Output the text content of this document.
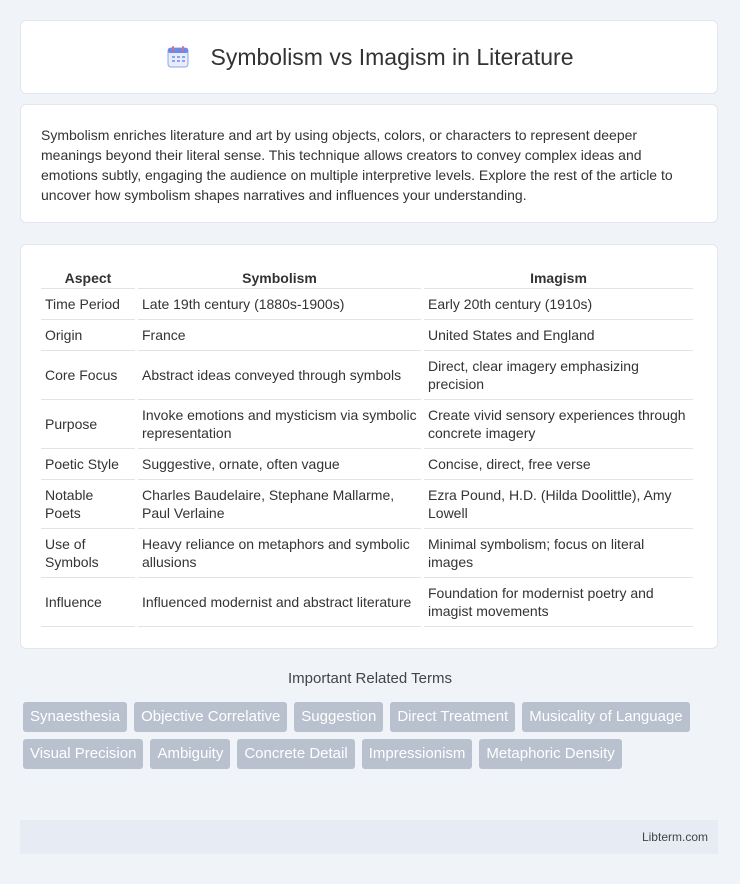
Symbolism vs Imagism in Literature

Symbolism enriches literature and art by using objects, colors, or characters to represent deeper meanings beyond their literal sense. This technique allows creators to convey complex ideas and emotions subtly, engaging the audience on multiple interpretive levels. Explore the rest of the article to uncover how symbolism shapes narratives and influences your understanding.

Aspect	Symbolism	Imagism
Time Period	Late 19th century (1880s-1900s)	Early 20th century (1910s)
Origin	France	United States and England
Core Focus	Abstract ideas conveyed through symbols	Direct, clear imagery emphasizing precision
Purpose	Invoke emotions and mysticism via symbolic representation	Create vivid sensory experiences through concrete imagery
Poetic Style	Suggestive, ornate, often vague	Concise, direct, free verse
Notable Poets	Charles Baudelaire, Stephane Mallarme, Paul Verlaine	Ezra Pound, H.D. (Hilda Doolittle), Amy Lowell
Use of Symbols	Heavy reliance on metaphors and symbolic allusions	Minimal symbolism; focus on literal images
Influence	Influenced modernist and abstract literature	Foundation for modernist poetry and imagist movements
Important Related Terms
Synaesthesia	Objective Correlative	Suggestion	Direct Treatment	Musicality of Language
Visual Precision	Ambiguity	Concrete Detail	Impressionism	Metaphoric Density
Libterm.com
